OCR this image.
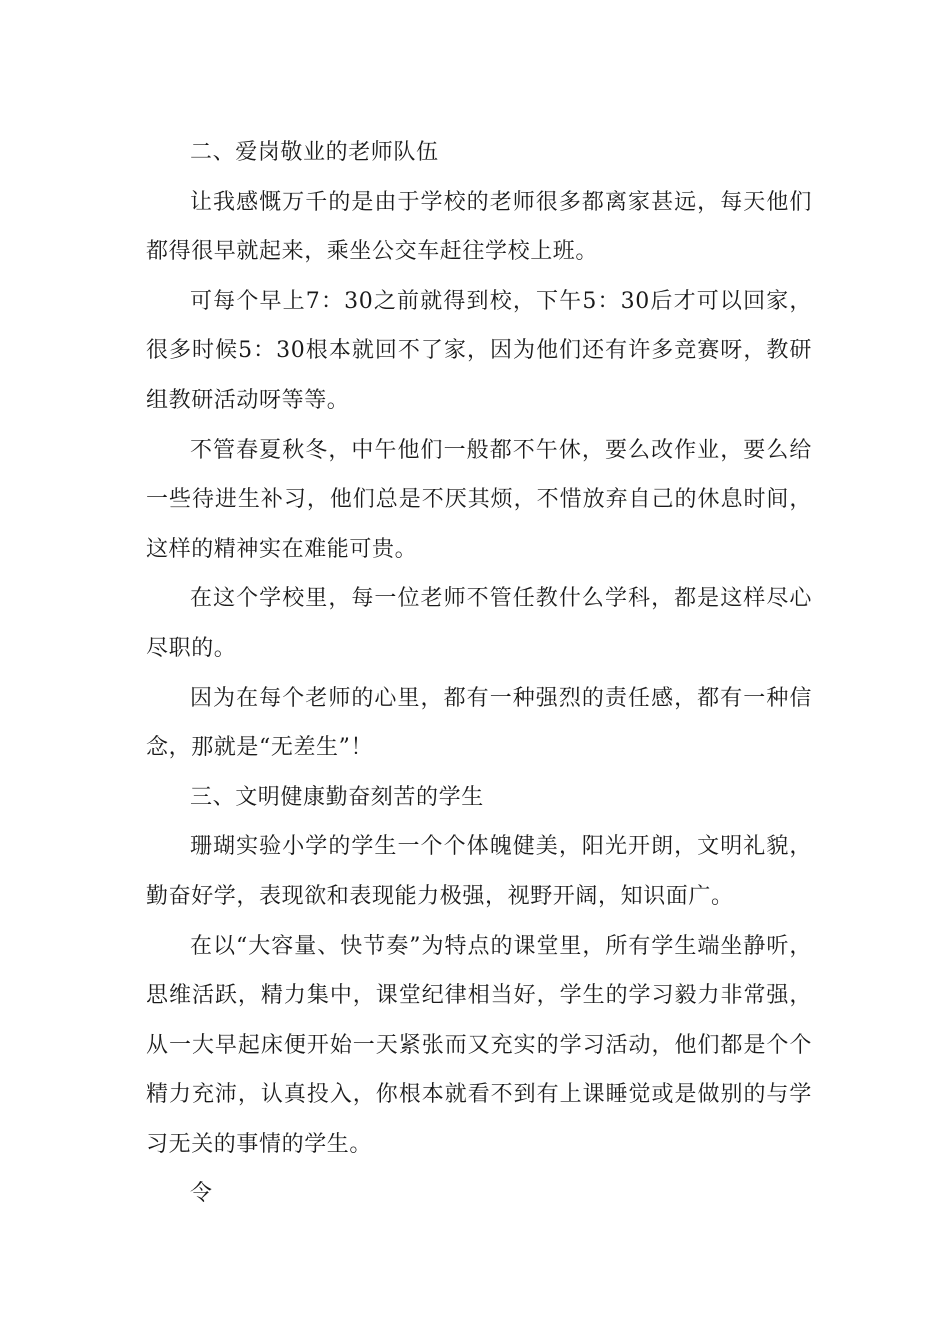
二、爱岗敬业的老师队伍

让我感慨万千的是由于学校的老师很多都离家甚远，每天他们都得很早就起来，乘坐公交车赶往学校上班。

可每个早上7：30之前就得到校，下午5：30后才可以回家，很多时候5：30根本就回不了家，因为他们还有许多竞赛呀，教研组教研活动呀等等。

不管春夏秋冬，中午他们一般都不午休，要么改作业，要么给一些待进生补习，他们总是不厌其烦，不惜放弃自己的休息时间，这样的精神实在难能可贵。

在这个学校里，每一位老师不管任教什么学科，都是这样尽心尽职的。

因为在每个老师的心里，都有一种强烈的责任感，都有一种信念，那就是“无差生”！

三、文明健康勤奋刻苦的学生

珊瑚实验小学的学生一个个体魄健美，阳光开朗，文明礼貌，勤奋好学，表现欲和表现能力极强，视野开阔，知识面广。

在以“大容量、快节奏”为特点的课堂里，所有学生端坐静听，思维活跃，精力集中，课堂纪律相当好，学生的学习毅力非常强，从一大早起床便开始一天紧张而又充实的学习活动，他们都是个个精力充沛，认真投入，你根本就看不到有上课睡觉或是做别的与学习无关的事情的学生。

令
